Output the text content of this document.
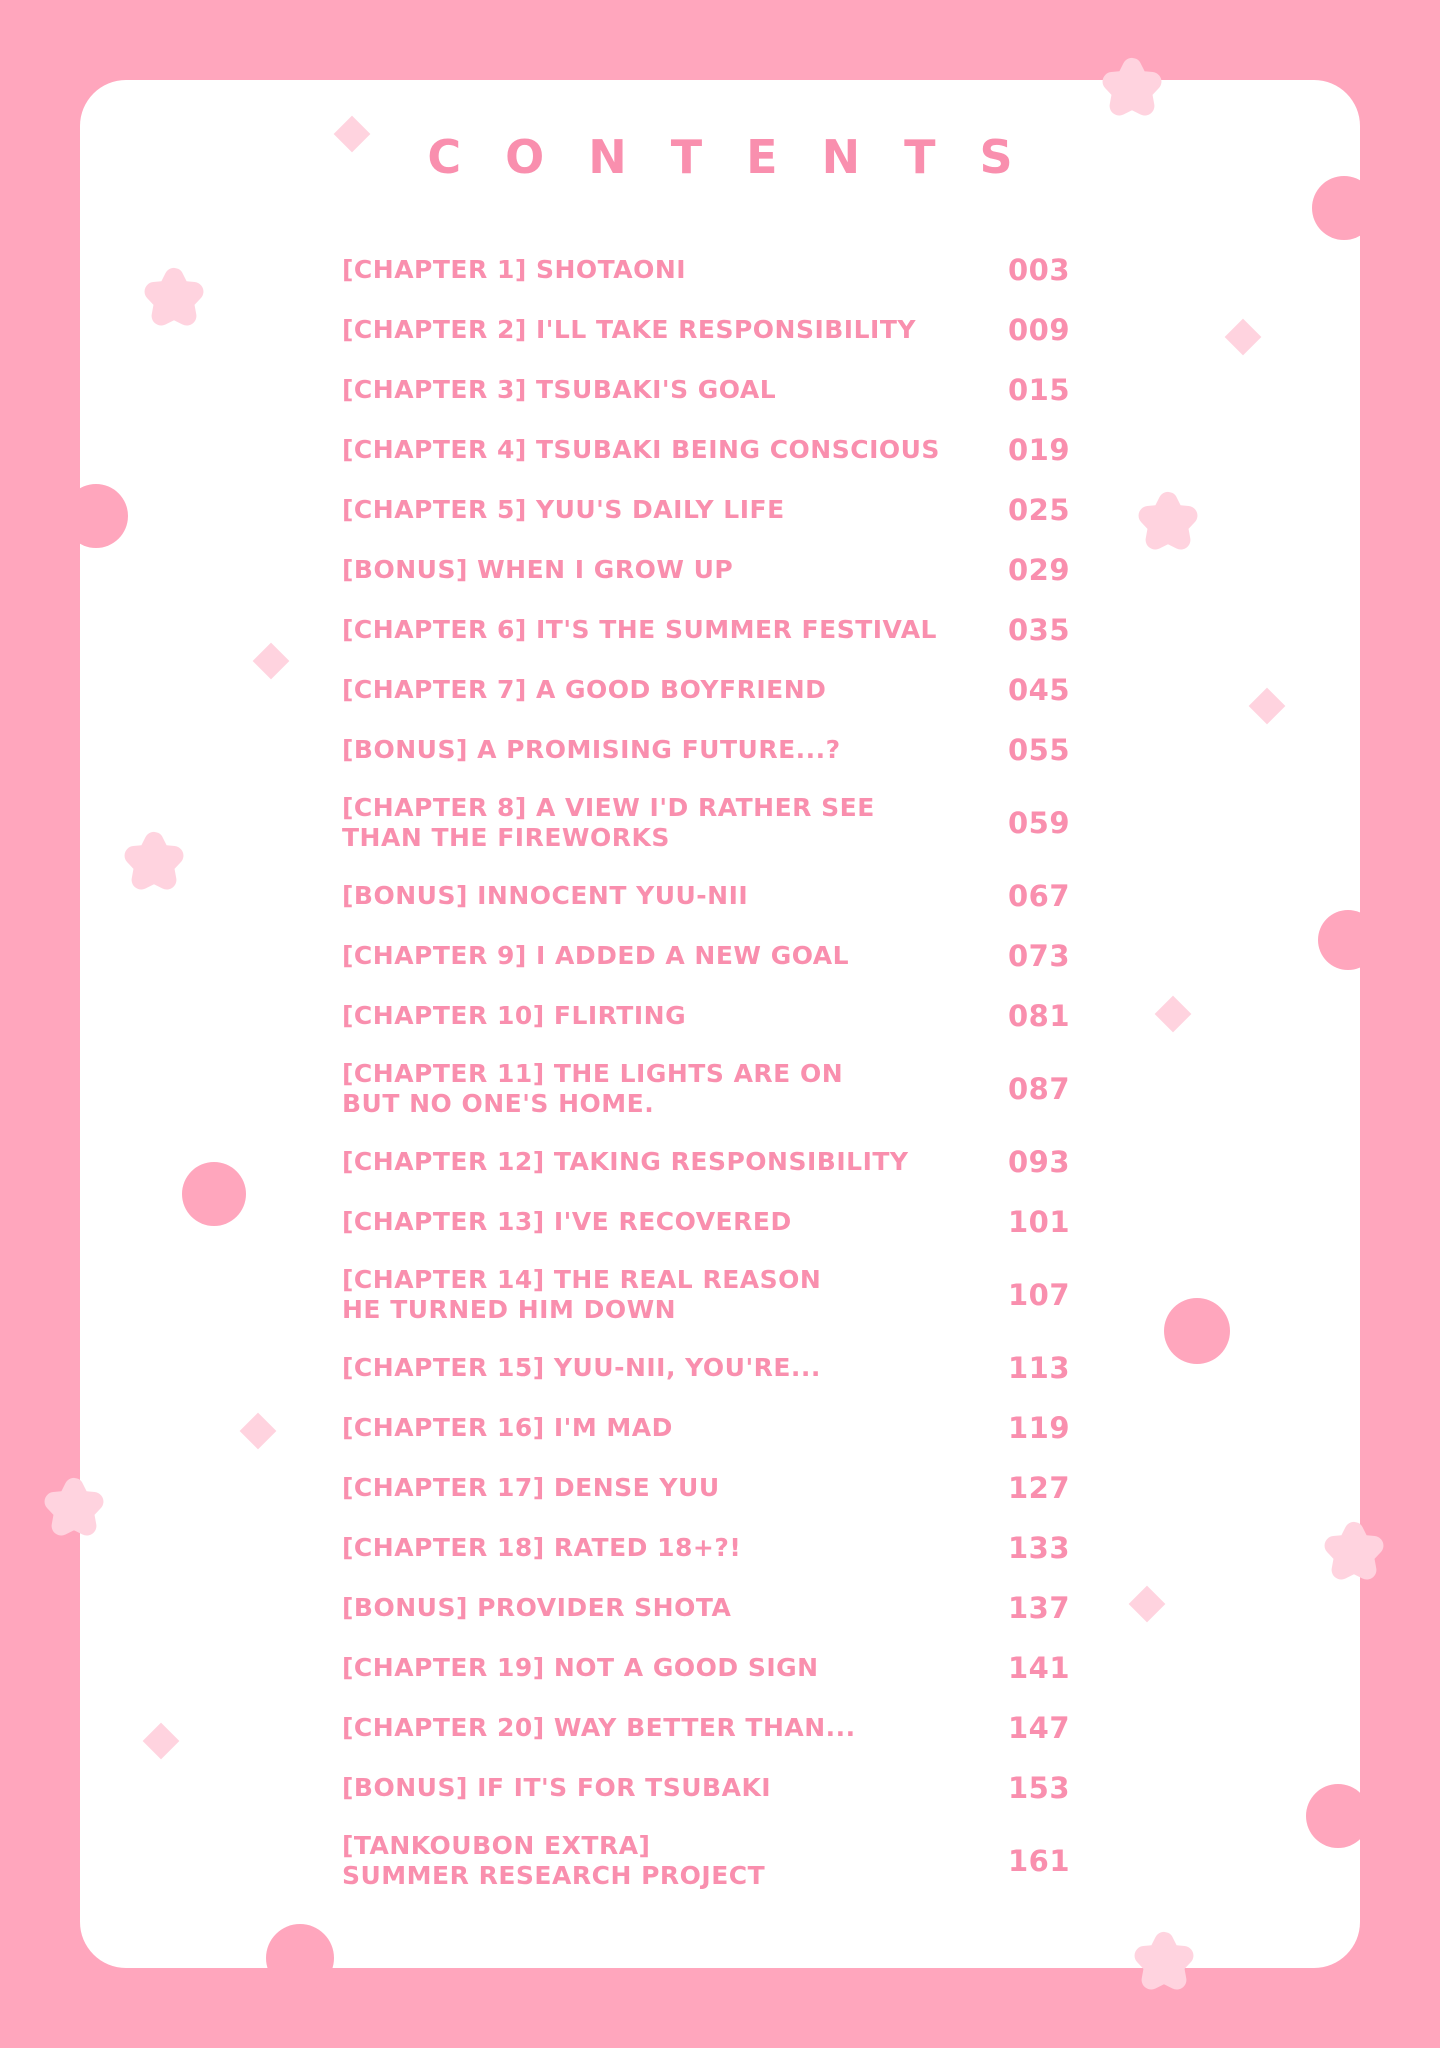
CONTENTS
[CHAPTER 1] SHOTAONI	003
[CHAPTER 2] I'LL TAKE RESPONSIBILITY	009
[CHAPTER 3] TSUBAKI'S GOAL	015
[CHAPTER 4] TSUBAKI BEING CONSCIOUS	019
[CHAPTER 5] YUU'S DAILY LIFE	025
[BONUS] WHEN I GROW UP	029
[CHAPTER 6] IT'S THE SUMMER FESTIVAL	035
[CHAPTER 7] A GOOD BOYFRIEND	045
[BONUS] A PROMISING FUTURE...?	055
[CHAPTER 8] A VIEW I'D RATHER SEE
THAN THE FIREWORKS	059
[BONUS] INNOCENT YUU-NII	067
[CHAPTER 9] I ADDED A NEW GOAL	073
[CHAPTER 10] FLIRTING	081
[CHAPTER 11] THE LIGHTS ARE ON
BUT NO ONE'S HOME.	087
[CHAPTER 12] TAKING RESPONSIBILITY	093
[CHAPTER 13] I'VE RECOVERED	101
[CHAPTER 14] THE REAL REASON
HE TURNED HIM DOWN	107
[CHAPTER 15] YUU-NII, YOU'RE...	113
[CHAPTER 16] I'M MAD	119
[CHAPTER 17] DENSE YUU	127
[CHAPTER 18] RATED 18+?!	133
[BONUS] PROVIDER SHOTA	137
[CHAPTER 19] NOT A GOOD SIGN	141
[CHAPTER 20] WAY BETTER THAN...	147
[BONUS] IF IT'S FOR TSUBAKI	153
[TANKOUBON EXTRA]
SUMMER RESEARCH PROJECT	161
